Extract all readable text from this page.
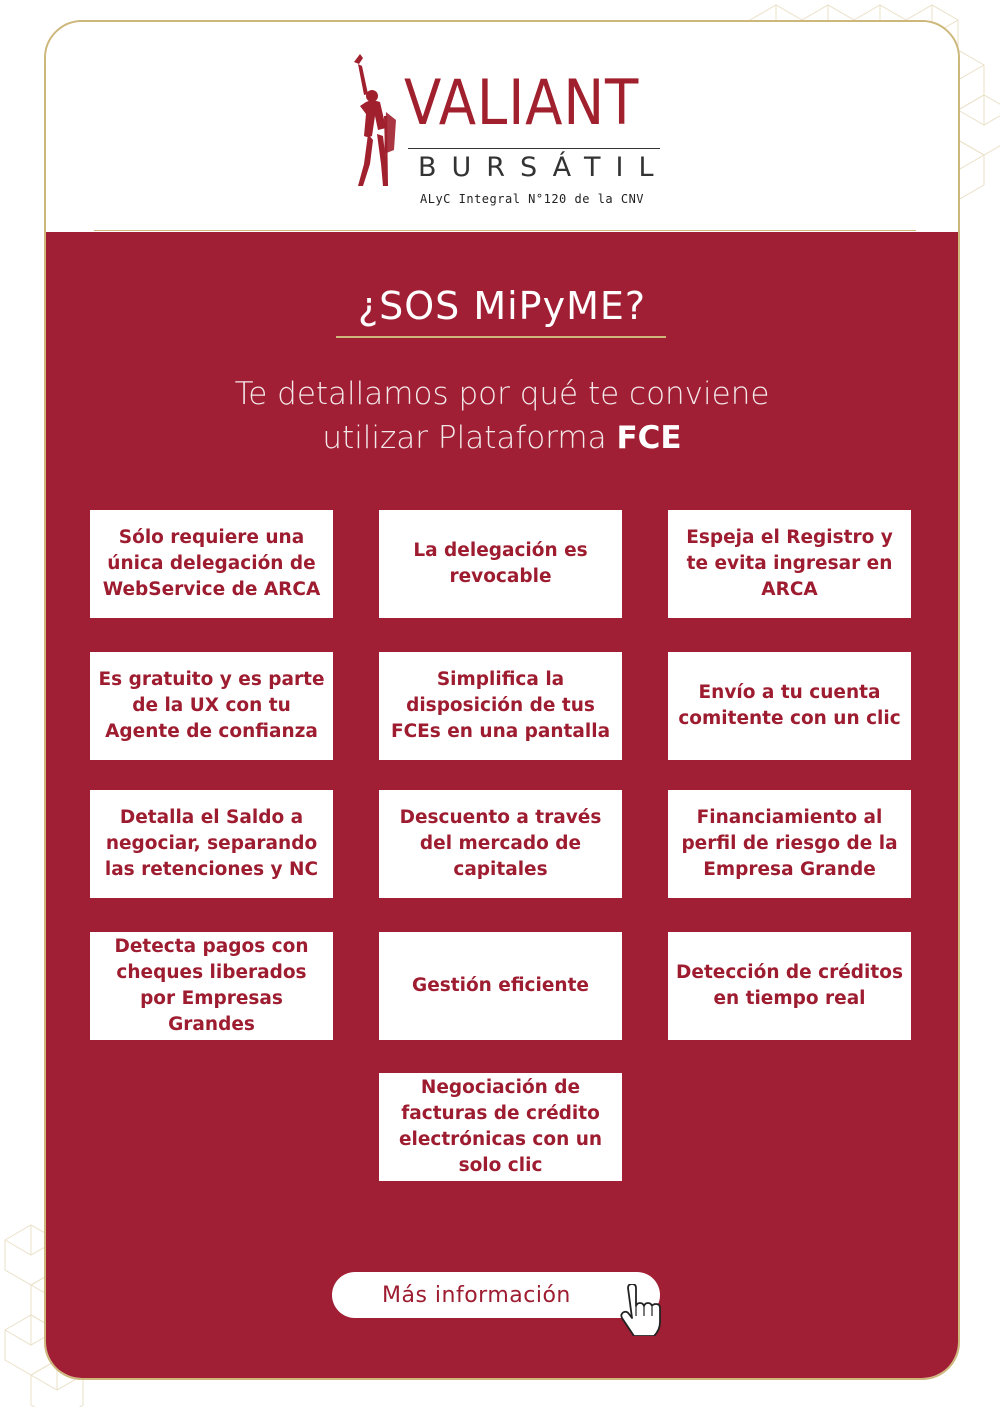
VALIANT
BURSÁTIL
ALyC Integral N°120 de la CNV
¿SOS MiPyME?
Te detallamos por qué te conviene
utilizar Plataforma FCE
Sólo requiere una única delegación de WebService de ARCA
La delegación es revocable
Espeja el Registro y te evita ingresar en ARCA
Es gratuito y es parte de la UX con tu Agente de confianza
Simplifica la disposición de tus FCEs en una pantalla
Envío a tu cuenta comitente con un clic
Detalla el Saldo a negociar, separando las retenciones y NC
Descuento a través del mercado de capitales
Financiamiento al perfil de riesgo de la Empresa Grande
Detecta pagos con cheques liberados por Empresas Grandes
Gestión eficiente
Detección de créditos en tiempo real
Negociación de facturas de crédito electrónicas con un solo clic
Más información
